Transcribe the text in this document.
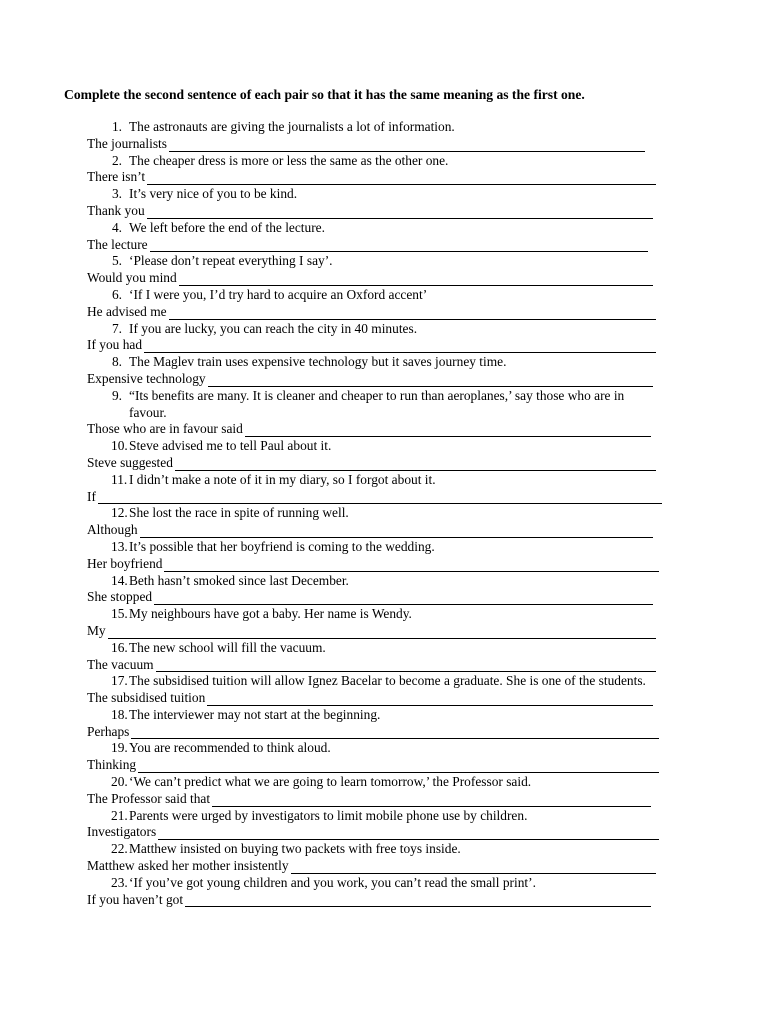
Complete the second sentence of each pair so that it has the same meaning as the first one.
1. The astronauts are giving the journalists a lot of information.
The journalists
2. The cheaper dress is more or less the same as the other one.
There isn’t
3. It’s very nice of you to be kind.
Thank you
4. We left before the end of the lecture.
The lecture
5. ‘Please don’t repeat everything I say’.
Would you mind
6. ‘If I were you, I’d try hard to acquire an Oxford accent’
He advised me
7. If you are lucky, you can reach the city in 40 minutes.
If you had
8. The Maglev train uses expensive technology but it saves journey time.
Expensive technology
9. “Its benefits are many. It is cleaner and cheaper to run than aeroplanes,’ say those who are in favour.
Those who are in favour said
10. Steve advised me to tell Paul about it.
Steve suggested
11. I didn’t make a note of it in my diary, so I forgot about it.
If
12. She lost the race in spite of running well.
Although
13. It’s possible that her boyfriend is coming to the wedding.
Her boyfriend
14. Beth hasn’t smoked since last December.
She stopped
15. My neighbours have got a baby. Her name is Wendy.
My
16. The new school will fill the vacuum.
The vacuum
17. The subsidised tuition will allow Ignez Bacelar to become a graduate. She is one of the students.
The subsidised tuition
18. The interviewer may not start at the beginning.
Perhaps
19. You are recommended to think aloud.
Thinking
20. ‘We can’t predict what we are going to learn tomorrow,’ the Professor said.
The Professor said that
21. Parents were urged by investigators to limit mobile phone use by children.
Investigators
22. Matthew insisted on buying two packets with free toys inside.
Matthew asked her mother insistently
23. ‘If you’ve got young children and you work, you can’t read the small print’.
If you haven’t got
